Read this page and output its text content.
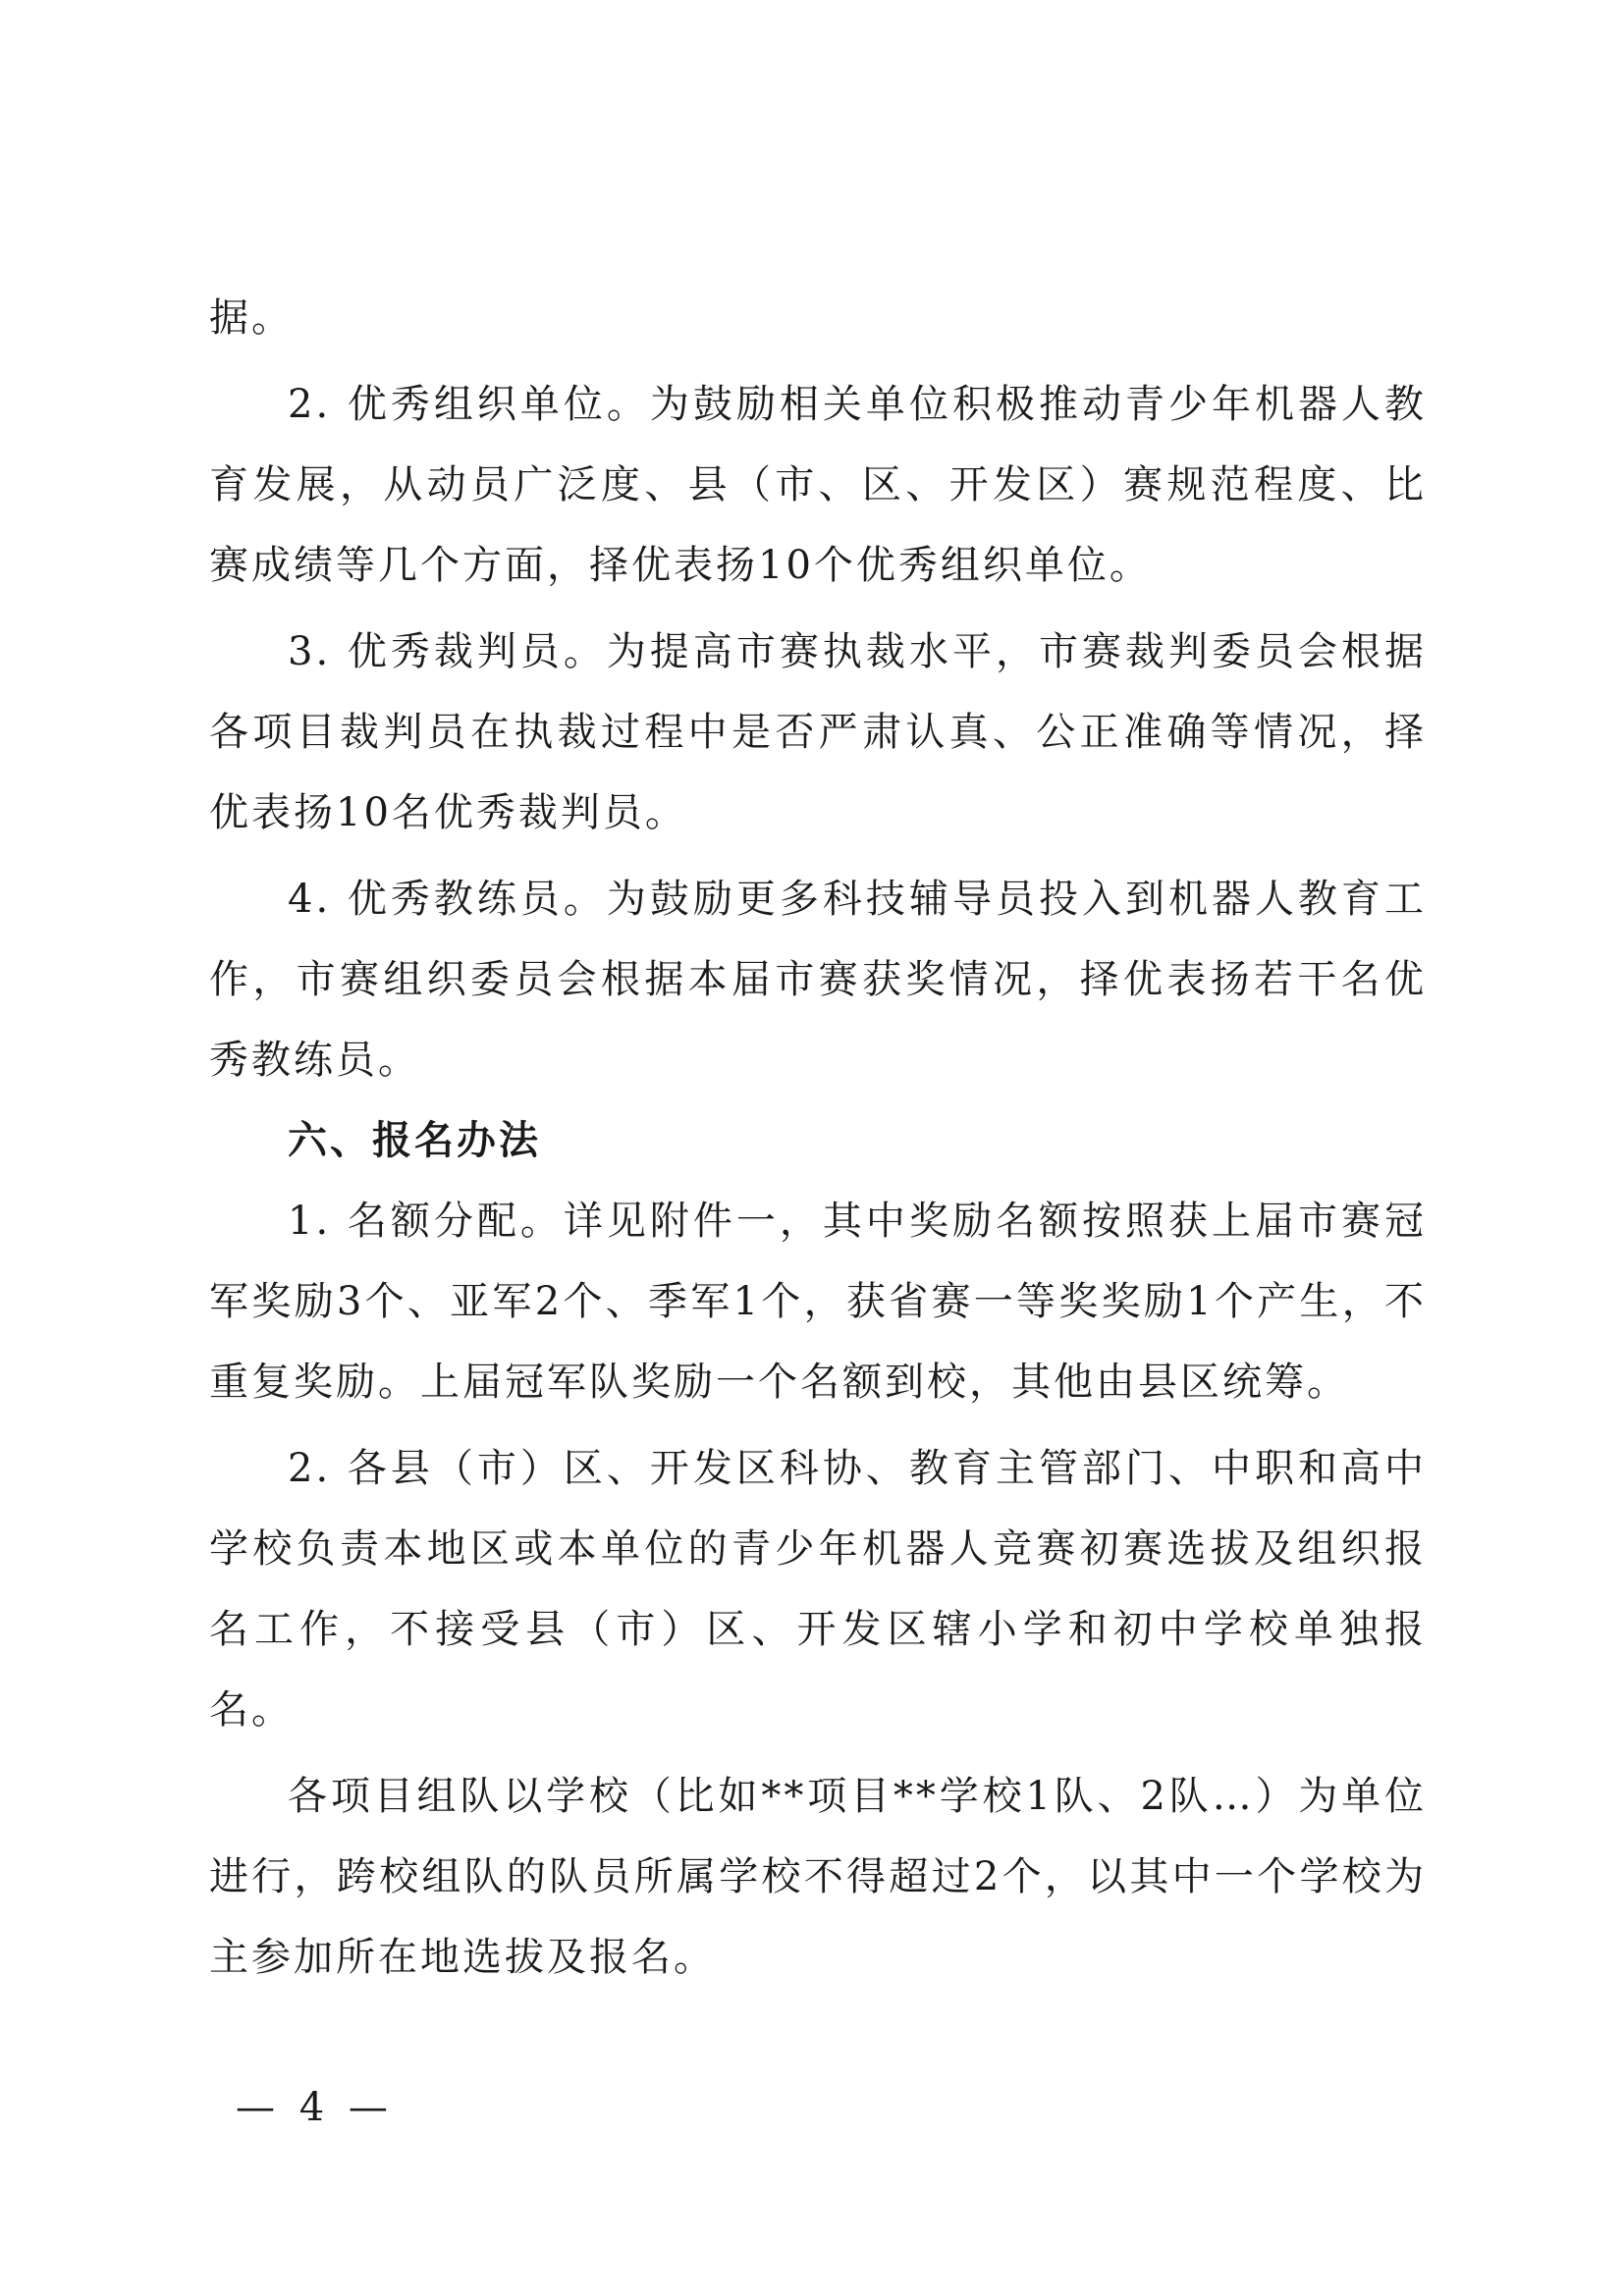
据。

2. 优秀组织单位。为鼓励相关单位积极推动青少年机器人教育发展，从动员广泛度、县（市、区、开发区）赛规范程度、比赛成绩等几个方面，择优表扬10个优秀组织单位。

3. 优秀裁判员。为提高市赛执裁水平，市赛裁判委员会根据各项目裁判员在执裁过程中是否严肃认真、公正准确等情况，择优表扬10名优秀裁判员。

4. 优秀教练员。为鼓励更多科技辅导员投入到机器人教育工作，市赛组织委员会根据本届市赛获奖情况，择优表扬若干名优秀教练员。

六、报名办法

1. 名额分配。详见附件一，其中奖励名额按照获上届市赛冠军奖励3个、亚军2个、季军1个，获省赛一等奖奖励1个产生，不重复奖励。上届冠军队奖励一个名额到校，其他由县区统筹。

2. 各县（市）区、开发区科协、教育主管部门、中职和高中学校负责本地区或本单位的青少年机器人竞赛初赛选拔及组织报名工作，不接受县（市）区、开发区辖小学和初中学校单独报名。

各项目组队以学校（比如**项目**学校1队、2队…）为单位进行，跨校组队的队员所属学校不得超过2个，以其中一个学校为主参加所在地选拔及报名。

— 4 —
